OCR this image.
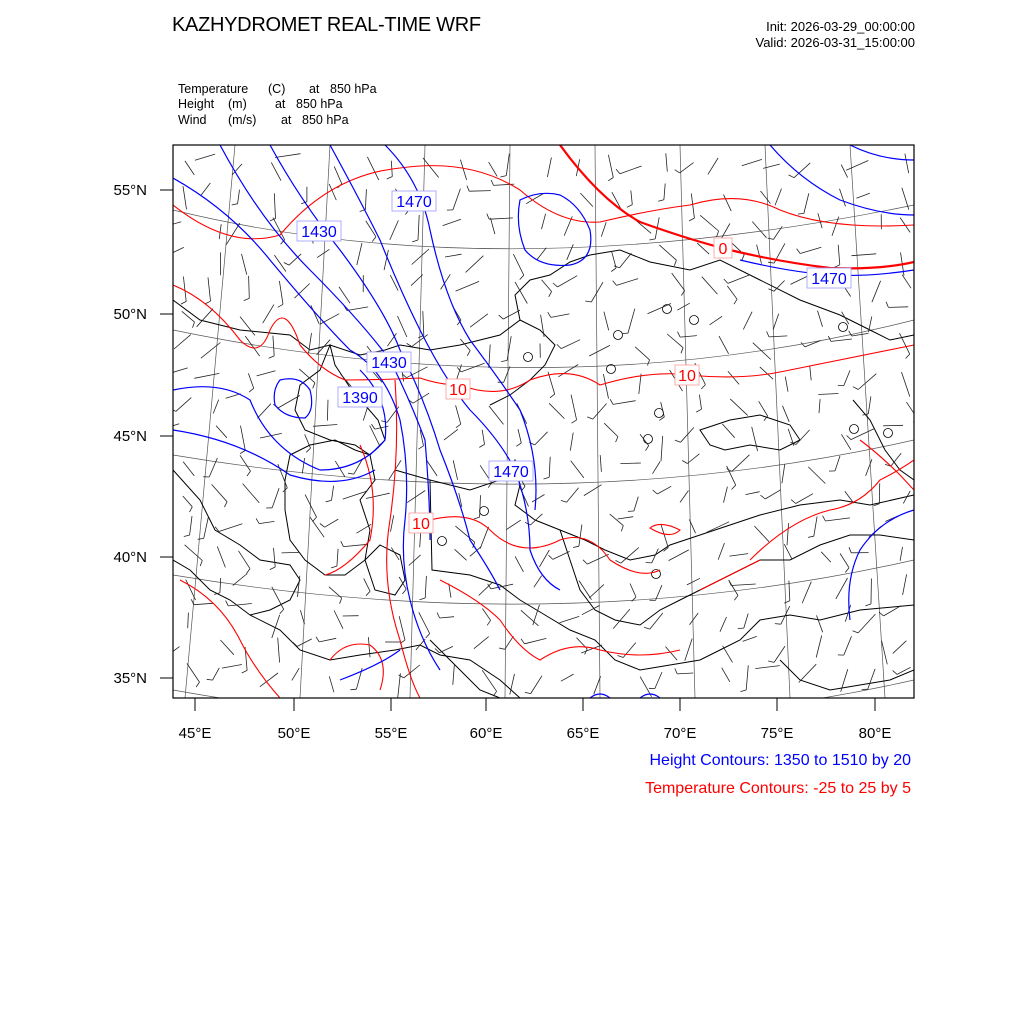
KAZHYDROMET REAL-TIME WRF	Init: 2026-03-29_00:00:00
Valid: 2026-03-31_15:00:00
Temperature (C)  at 850 hPa
Height (m)  at 850 hPa
Wind (m/s)  at 850 hPa
55°N
50°N
45°N
40°N
35°N
45°E	50°E	55°E	60°E	65°E	70°E	75°E	80°E
1470
1430
1470
1430
1390
1470
0
10
10
10
Height Contours: 1350 to 1510 by 20
Temperature Contours: -25 to 25 by 5
